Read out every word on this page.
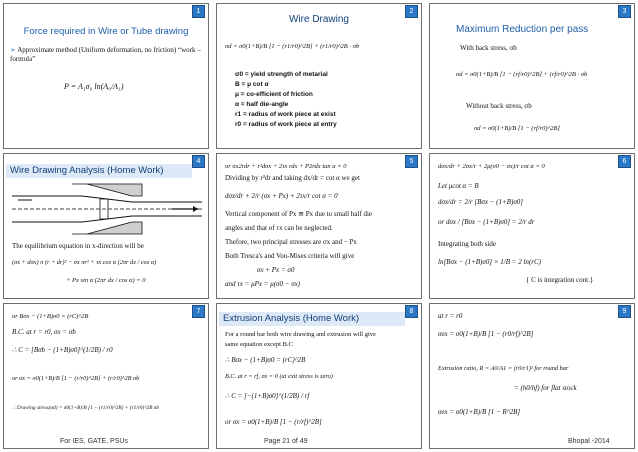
1
Force required in Wire or Tube drawing
➢ Approximate method (Uniform deformation, no friction) “work – formula”
P = A₁σ₀ ln(A₀/A₁)
2
Wire Drawing
σd = σ0(1+B)/B [1 − (r1/r0)^2B] + (r1/r0)^2B · σb
σ0 = yield strength of metarial
B = μ cot α
μ = co-efficient of friction
α = half die-angle
r1 = radius of work piece at exist
r0 = radius of work piece at entry
3
Maximum Reduction per pass
With back stress, σb
σd = σ0(1+B)/B [1 − (rf/r0)^2B] + (rf/r0)^2B · σb
Without back stress, σb
σd = σ0(1+B)/B [1 − (rf/r0)^2B]
4
Wire Drawing Analysis (Home Work)
The equilibrium equation in x-direction will be
(σx + dσx) π (r + dr)² − σx πr² + τx cos α (2πr dx / cos α)
+ Px sin α (2πr dx / cos α) = 0
5
or σx2rdr + r²dσx + 2τx rdx + P2rdx tan α = 0
Dividing by r²dr and taking dx/dr = cot α we get
dσx/dr + 2/r (σx + Px) + 2τx/r cot α = 0
Vertical component of Px ≅ Px due to small half die
angles and that of τx can be neglected.
Thefore, two principal stresses are σx and − Px
Both Tresca's and Von-Mises criteria will give
σx + Px = σ0
and τx = μPx = μ(σ0 − σx)
6
dσx/dr + 2σx/r + 2μ(σ0 − σx)/r cot α = 0
Let μcot α = B
dσx/dr = 2/r [Bσx − (1+B)σ0]
or dσx / [Bσx − (1+B)σ0] = 2/r dr
Integrating both side
ln[Bσx − (1+B)σ0] × 1/B = 2 ln(rC)
{ C is integration cont.}
7
or Bσx − (1+B)σ0 = (rC)^2B
B.C. at r = r0, σx = σb
∴ C = [Bσb − (1+B)σ0]^(1/2B) / r0
or σx = σ0(1+B)/B [1 − (r/r0)^2B] + (r/r0)^2B σb
∴ Drawing stress(σd) = σ0(1+B)/B [1 − (r1/r0)^2B] + (r1/r0)^2B σb
For IES, GATE, PSUs
8
Extrusion Analysis (Home Work)
For a round bar both wire drawing and extrusion will give
same equation except B.C
∴ Bσx − (1+B)σ0 = (rC)^2B
B.C. at r = rf, σx = 0 (at exit stress is zero)
∴ C = [−(1+B)σ0]^(1/2B) / rf
or σx = σ0(1+B)/B [1 − (r/rf)^2B]
Page 21 of 49
9
at r = r0
σex = σ0(1+B)/B [1 − (r0/rf)^2B]
Extrusion ratio, R = A0/A1 = (r0/r1)² for round bar
= (h0/hf) for flat stock
σex = σ0(1+B)/B [1 − R^2B]
Bhopal -2014
